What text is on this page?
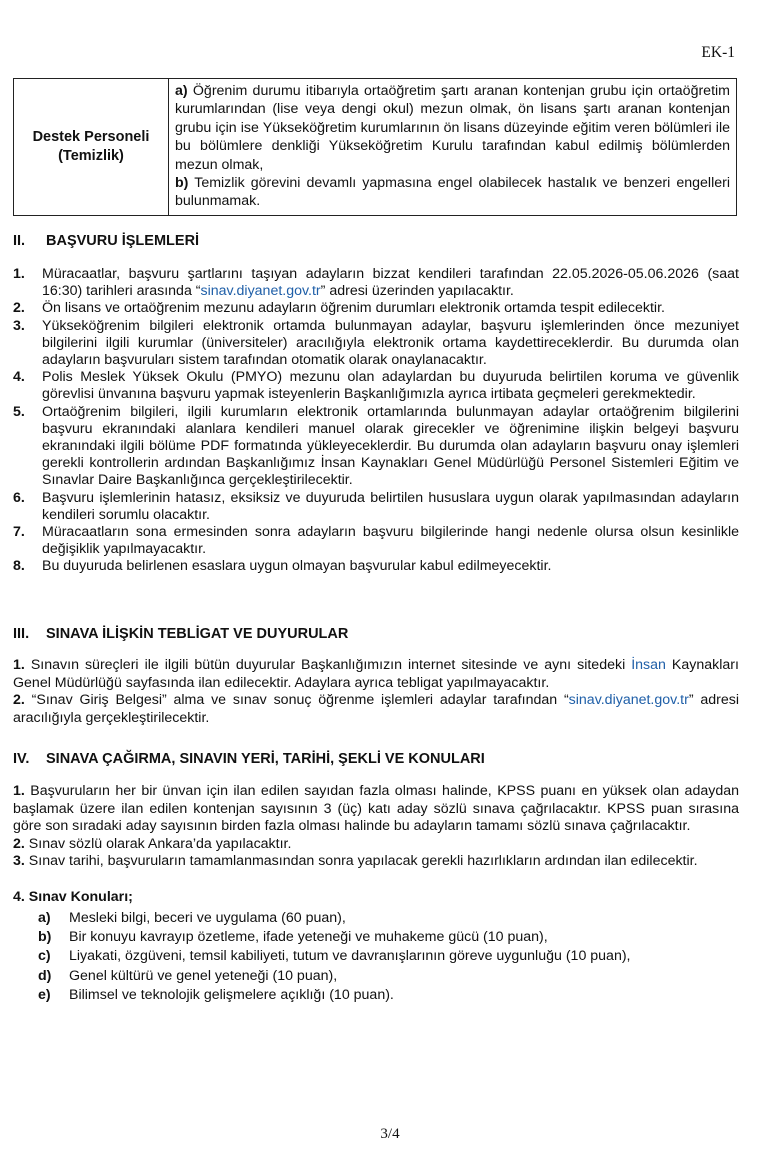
EK-1
Destek Personeli (Temizlik)	a) Öğrenim durumu itibarıyla ortaöğretim şartı aranan kontenjan grubu için ortaöğretim kurumlarından (lise veya dengi okul) mezun olmak, ön lisans şartı aranan kontenjan grubu için ise Yükseköğretim kurumlarının ön lisans düzeyinde eğitim veren bölümleri ile bu bölümlere denkliği Yükseköğretim Kurulu tarafından kabul edilmiş bölümlerden mezun olmak,
b) Temizlik görevini devamlı yapmasına engel olabilecek hastalık ve benzeri engelleri bulunmamak.
II. BAŞVURU İŞLEMLERİ
1. Müracaatlar, başvuru şartlarını taşıyan adayların bizzat kendileri tarafından 22.05.2026-05.06.2026 (saat 16:30) tarihleri arasında “sinav.diyanet.gov.tr” adresi üzerinden yapılacaktır.
2. Ön lisans ve ortaöğrenim mezunu adayların öğrenim durumları elektronik ortamda tespit edilecektir.
3. Yükseköğrenim bilgileri elektronik ortamda bulunmayan adaylar, başvuru işlemlerinden önce mezuniyet bilgilerini ilgili kurumlar (üniversiteler) aracılığıyla elektronik ortama kaydettireceklerdir. Bu durumda olan adayların başvuruları sistem tarafından otomatik olarak onaylanacaktır.
4. Polis Meslek Yüksek Okulu (PMYO) mezunu olan adaylardan bu duyuruda belirtilen koruma ve güvenlik görevlisi ünvanına başvuru yapmak isteyenlerin Başkanlığımızla ayrıca irtibata geçmeleri gerekmektedir.
5. Ortaöğrenim bilgileri, ilgili kurumların elektronik ortamlarında bulunmayan adaylar ortaöğrenim bilgilerini başvuru ekranındaki alanlara kendileri manuel olarak girecekler ve öğrenimine ilişkin belgeyi başvuru ekranındaki ilgili bölüme PDF formatında yükleyeceklerdir. Bu durumda olan adayların başvuru onay işlemleri gerekli kontrollerin ardından Başkanlığımız İnsan Kaynakları Genel Müdürlüğü Personel Sistemleri Eğitim ve Sınavlar Daire Başkanlığınca gerçekleştirilecektir.
6. Başvuru işlemlerinin hatasız, eksiksiz ve duyuruda belirtilen hususlara uygun olarak yapılmasından adayların kendileri sorumlu olacaktır.
7. Müracaatların sona ermesinden sonra adayların başvuru bilgilerinde hangi nedenle olursa olsun kesinlikle değişiklik yapılmayacaktır.
8. Bu duyuruda belirlenen esaslara uygun olmayan başvurular kabul edilmeyecektir.
III. SINAVA İLİŞKİN TEBLİGAT VE DUYURULAR
1. Sınavın süreçleri ile ilgili bütün duyurular Başkanlığımızın internet sitesinde ve aynı sitedeki İnsan Kaynakları Genel Müdürlüğü sayfasında ilan edilecektir. Adaylara ayrıca tebligat yapılmayacaktır.
2. “Sınav Giriş Belgesi” alma ve sınav sonuç öğrenme işlemleri adaylar tarafından “sinav.diyanet.gov.tr” adresi aracılığıyla gerçekleştirilecektir.
IV. SINAVA ÇAĞIRMA, SINAVIN YERİ, TARİHİ, ŞEKLİ VE KONULARI
1. Başvuruların her bir ünvan için ilan edilen sayıdan fazla olması halinde, KPSS puanı en yüksek olan adaydan başlamak üzere ilan edilen kontenjan sayısının 3 (üç) katı aday sözlü sınava çağrılacaktır. KPSS puan sırasına göre son sıradaki aday sayısının birden fazla olması halinde bu adayların tamamı sözlü sınava çağrılacaktır.
2. Sınav sözlü olarak Ankara’da yapılacaktır.
3. Sınav tarihi, başvuruların tamamlanmasından sonra yapılacak gerekli hazırlıkların ardından ilan edilecektir.
4. Sınav Konuları;
a) Mesleki bilgi, beceri ve uygulama (60 puan),
b) Bir konuyu kavrayıp özetleme, ifade yeteneği ve muhakeme gücü (10 puan),
c) Liyakati, özgüveni, temsil kabiliyeti, tutum ve davranışlarının göreve uygunluğu (10 puan),
d) Genel kültürü ve genel yeteneği (10 puan),
e) Bilimsel ve teknolojik gelişmelere açıklığı (10 puan).
3/4
